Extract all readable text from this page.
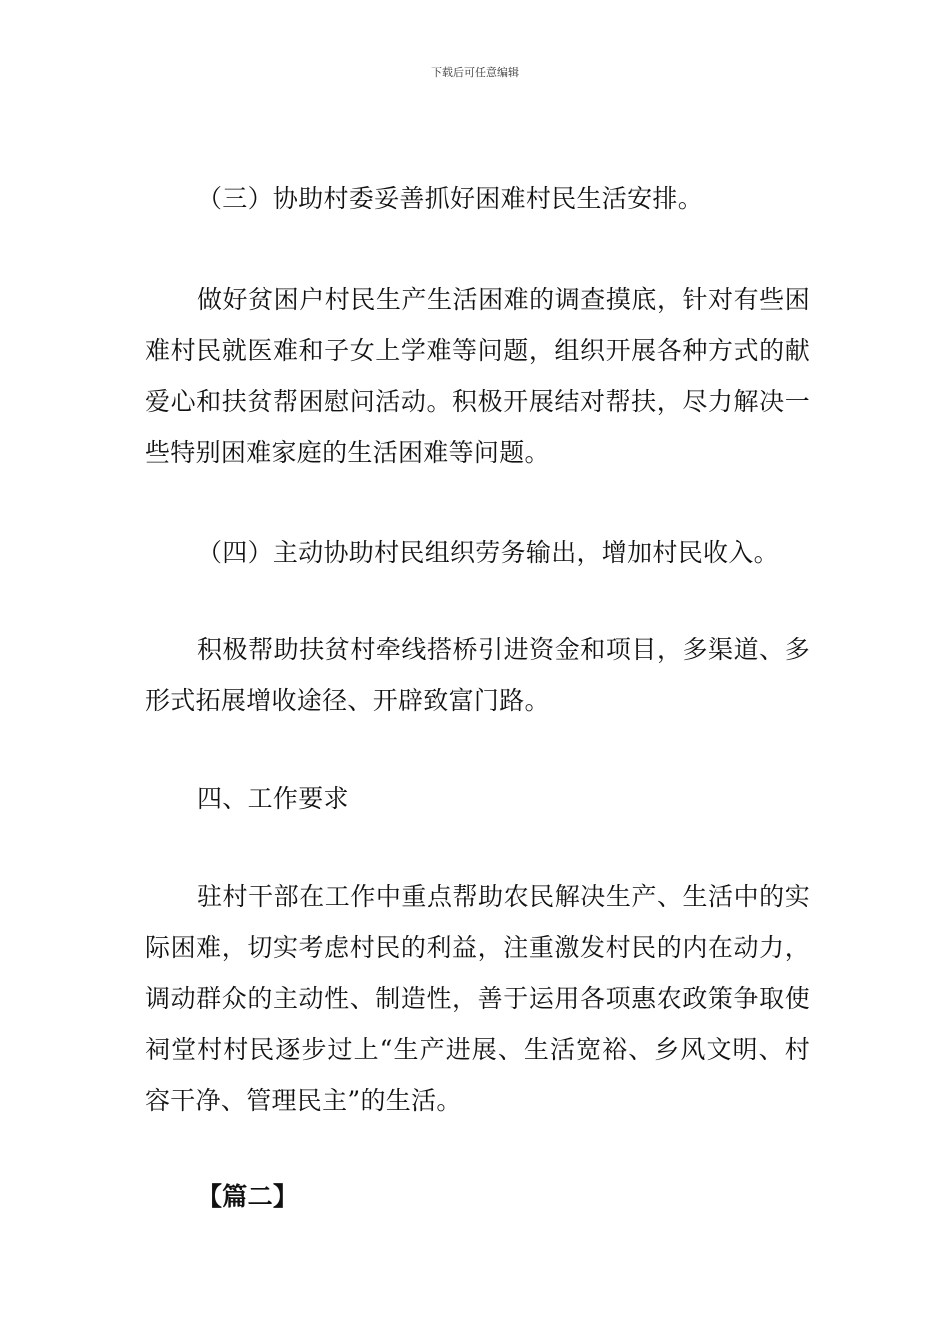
下载后可任意编辑

（三）协助村委妥善抓好困难村民生活安排。

做好贫困户村民生产生活困难的调查摸底，针对有些困难村民就医难和子女上学难等问题，组织开展各种方式的献爱心和扶贫帮困慰问活动。积极开展结对帮扶，尽力解决一些特别困难家庭的生活困难等问题。

（四）主动协助村民组织劳务输出，增加村民收入。

积极帮助扶贫村牵线搭桥引进资金和项目，多渠道、多形式拓展增收途径、开辟致富门路。

四、工作要求

驻村干部在工作中重点帮助农民解决生产、生活中的实际困难，切实考虑村民的利益，注重激发村民的内在动力，调动群众的主动性、制造性，善于运用各项惠农政策争取使祠堂村村民逐步过上“生产进展、生活宽裕、乡风文明、村容干净、管理民主”的生活。

【篇二】
